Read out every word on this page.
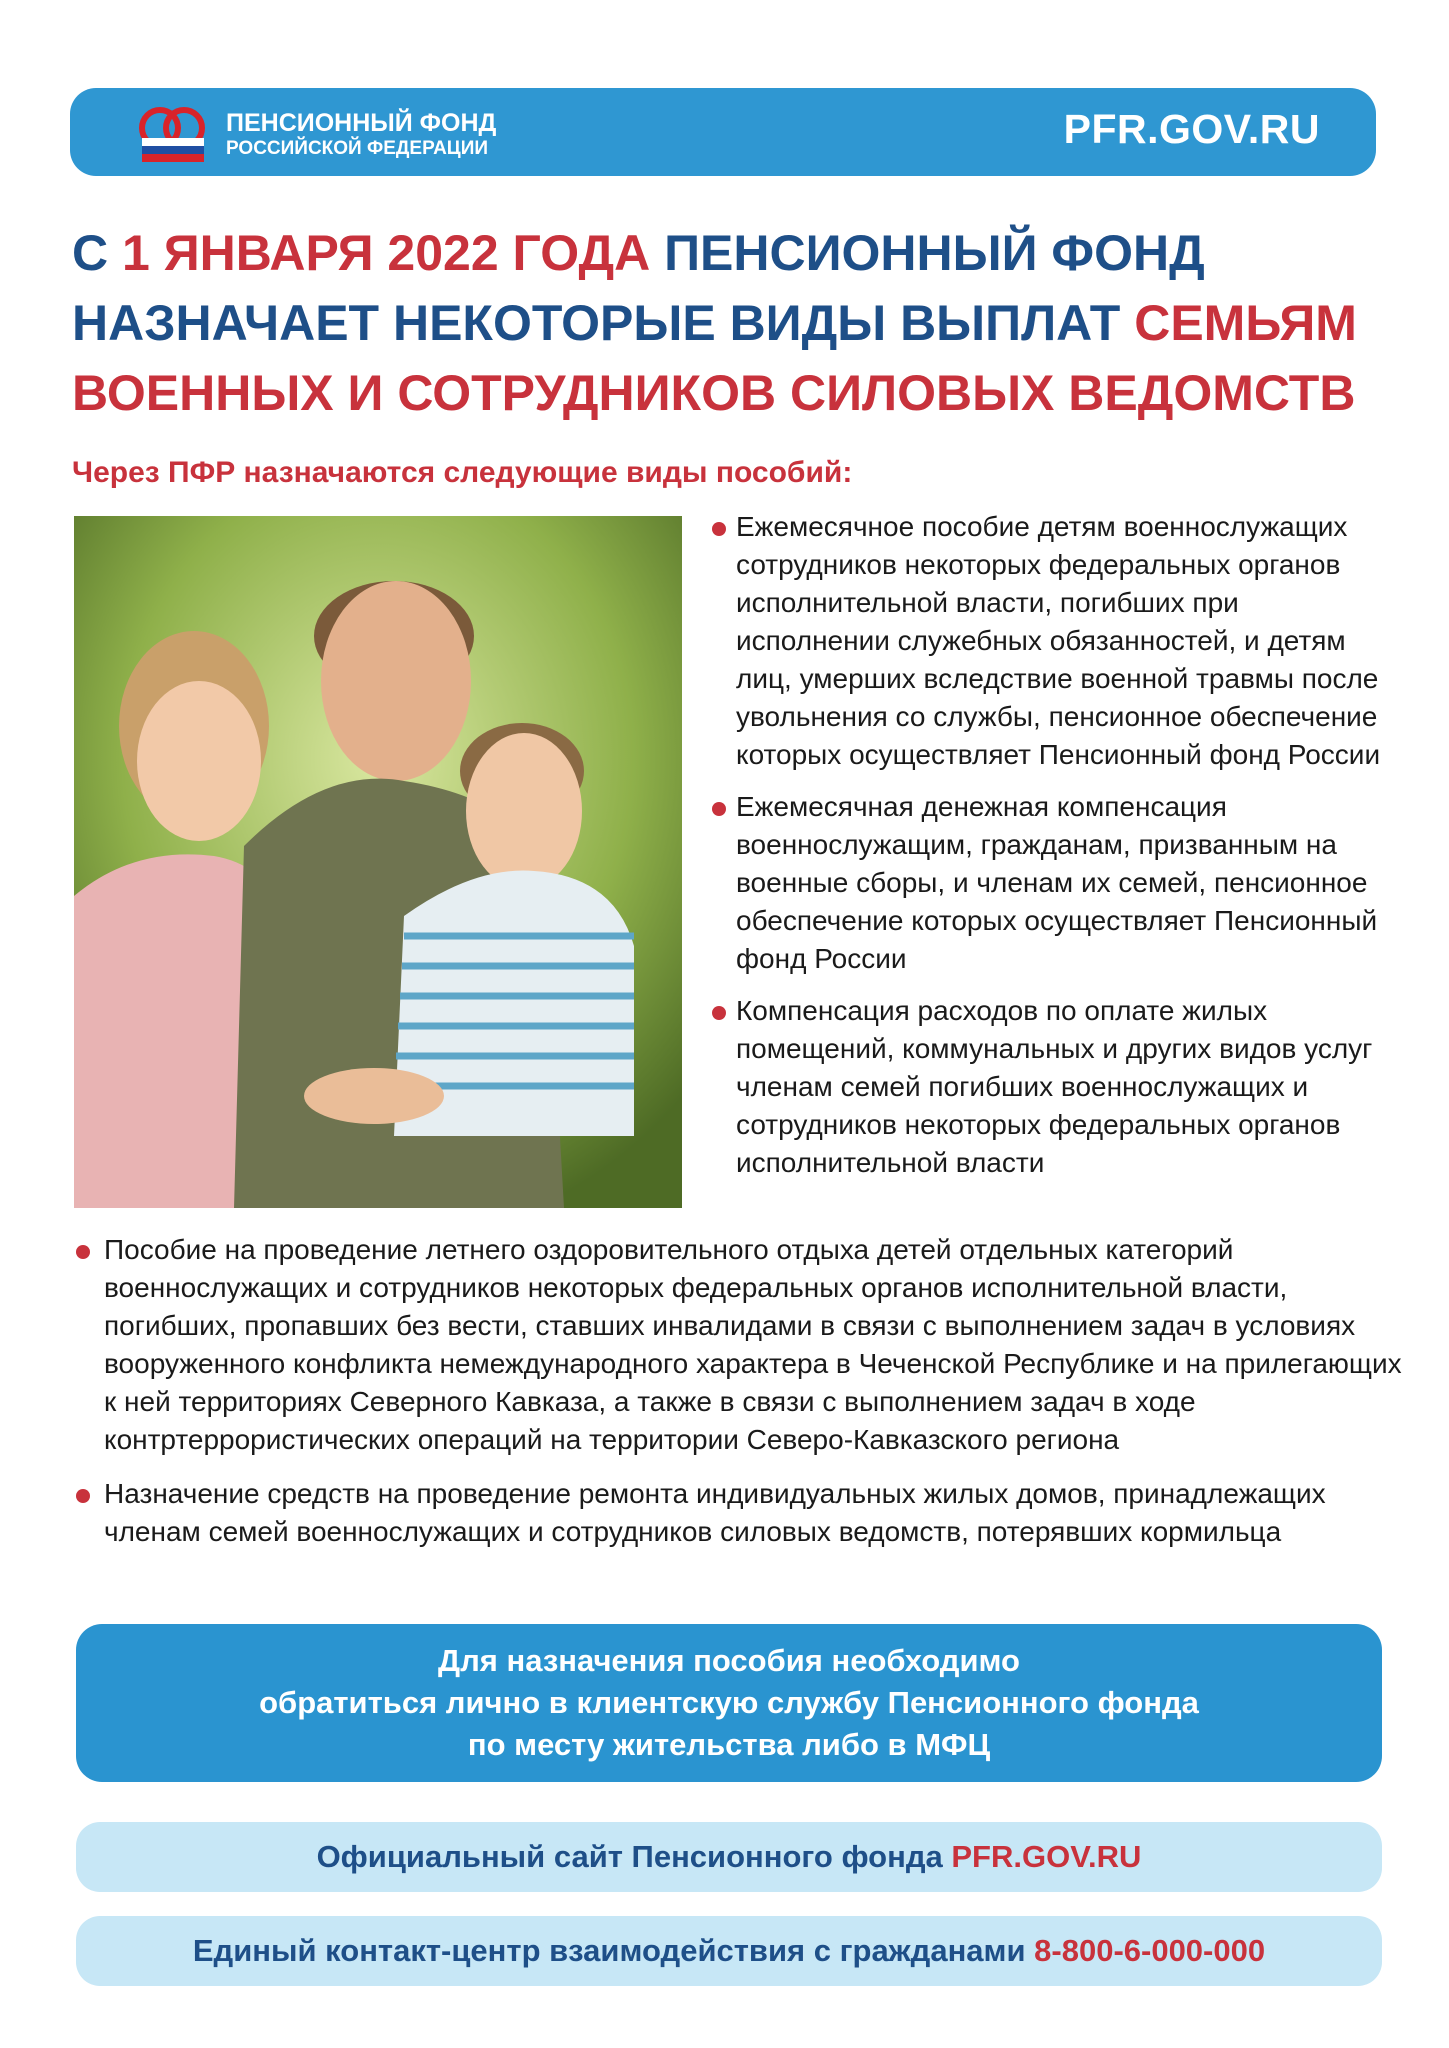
ПЕНСИОННЫЙ ФОНД
РОССИЙСКОЙ ФЕДЕРАЦИИ	PFR.GOV.RU
С 1 ЯНВАРЯ 2022 ГОДА ПЕНСИОННЫЙ ФОНД НАЗНАЧАЕТ НЕКОТОРЫЕ ВИДЫ ВЫПЛАТ СЕМЬЯМ ВОЕННЫХ И СОТРУДНИКОВ СИЛОВЫХ ВЕДОМСТВ
Через ПФР назначаются следующие виды пособий:
Ежемесячное пособие детям военнослужащих сотрудников некоторых федеральных органов исполнительной власти, погибших при исполнении служебных обязанностей, и детям лиц, умерших вследствие военной травмы после увольнения со службы, пенсионное обеспечение которых осуществляет Пенсионный фонд России
Ежемесячная денежная компенсация военнослужащим, гражданам, призванным на военные сборы, и членам их семей, пенсионное обеспечение которых осуществляет Пенсионный фонд России
Компенсация расходов по оплате жилых помещений, коммунальных и других видов услуг членам семей погибших военнослужащих и сотрудников некоторых федеральных органов исполнительной власти
Пособие на проведение летнего оздоровительного отдыха детей отдельных категорий военнослужащих и сотрудников некоторых федеральных органов исполнительной власти, погибших, пропавших без вести, ставших инвалидами в связи с выполнением задач в условиях вооруженного конфликта немеждународного характера в Чеченской Республике и на прилегающих к ней территориях Северного Кавказа, а также в связи с выполнением задач в ходе контртеррористических операций на территории Северо-Кавказского региона
Назначение средств на проведение ремонта индивидуальных жилых домов, принадлежащих членам семей военнослужащих и сотрудников силовых ведомств, потерявших кормильца
Для назначения пособия необходимо
обратиться лично в клиентскую службу Пенсионного фонда
по месту жительства либо в МФЦ
Официальный сайт Пенсионного фонда PFR.GOV.RU
Единый контакт-центр взаимодействия с гражданами 8-800-6-000-000
